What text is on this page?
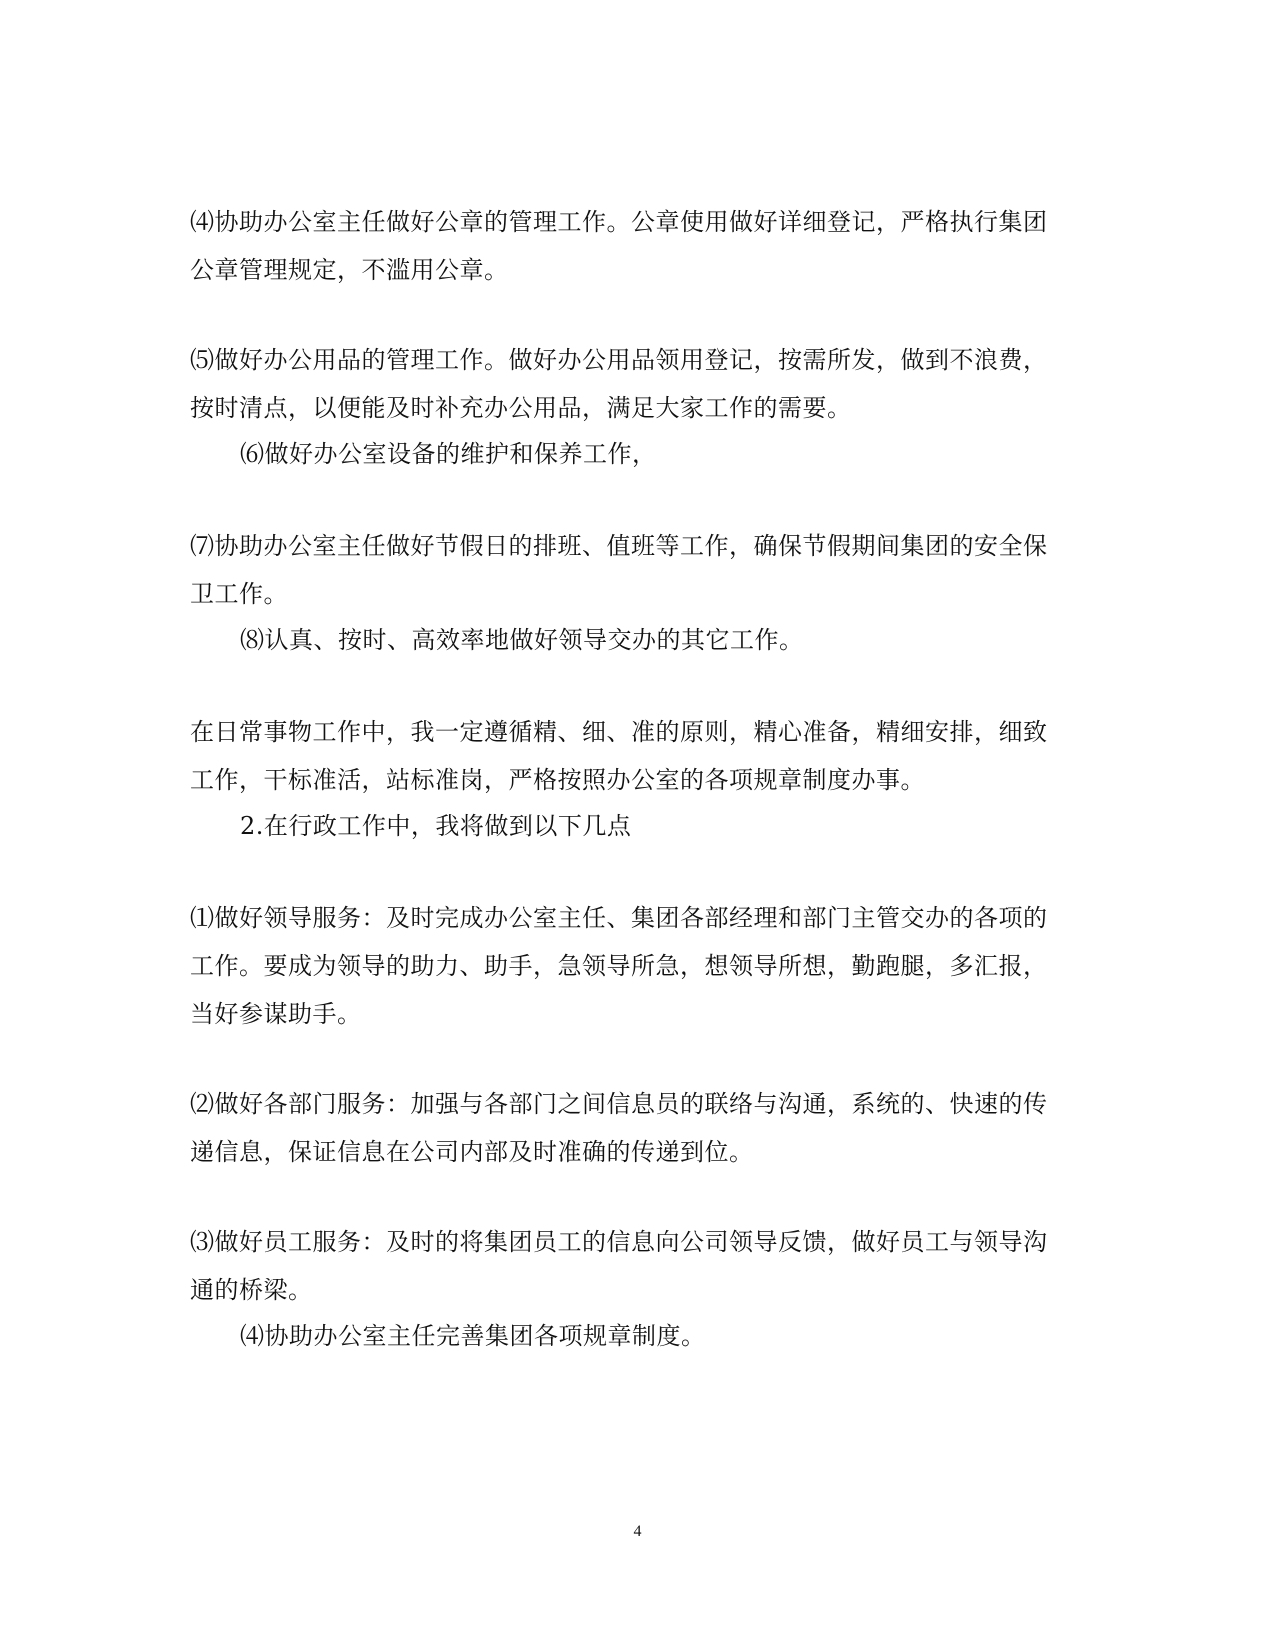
⑷协助办公室主任做好公章的管理工作。公章使用做好详细登记，严格执行集团
公章管理规定，不滥用公章。
⑸做好办公用品的管理工作。做好办公用品领用登记，按需所发，做到不浪费，
按时清点，以便能及时补充办公用品，满足大家工作的需要。
⑹做好办公室设备的维护和保养工作，
⑺协助办公室主任做好节假日的排班、值班等工作，确保节假期间集团的安全保
卫工作。
⑻认真、按时、高效率地做好领导交办的其它工作。
在日常事物工作中，我一定遵循精、细、准的原则，精心准备，精细安排，细致
工作，干标准活，站标准岗，严格按照办公室的各项规章制度办事。
2.在行政工作中，我将做到以下几点
⑴做好领导服务：及时完成办公室主任、集团各部经理和部门主管交办的各项的
工作。要成为领导的助力、助手，急领导所急，想领导所想，勤跑腿，多汇报，
当好参谋助手。
⑵做好各部门服务：加强与各部门之间信息员的联络与沟通，系统的、快速的传
递信息，保证信息在公司内部及时准确的传递到位。
⑶做好员工服务：及时的将集团员工的信息向公司领导反馈，做好员工与领导沟
通的桥梁。
⑷协助办公室主任完善集团各项规章制度。
4
